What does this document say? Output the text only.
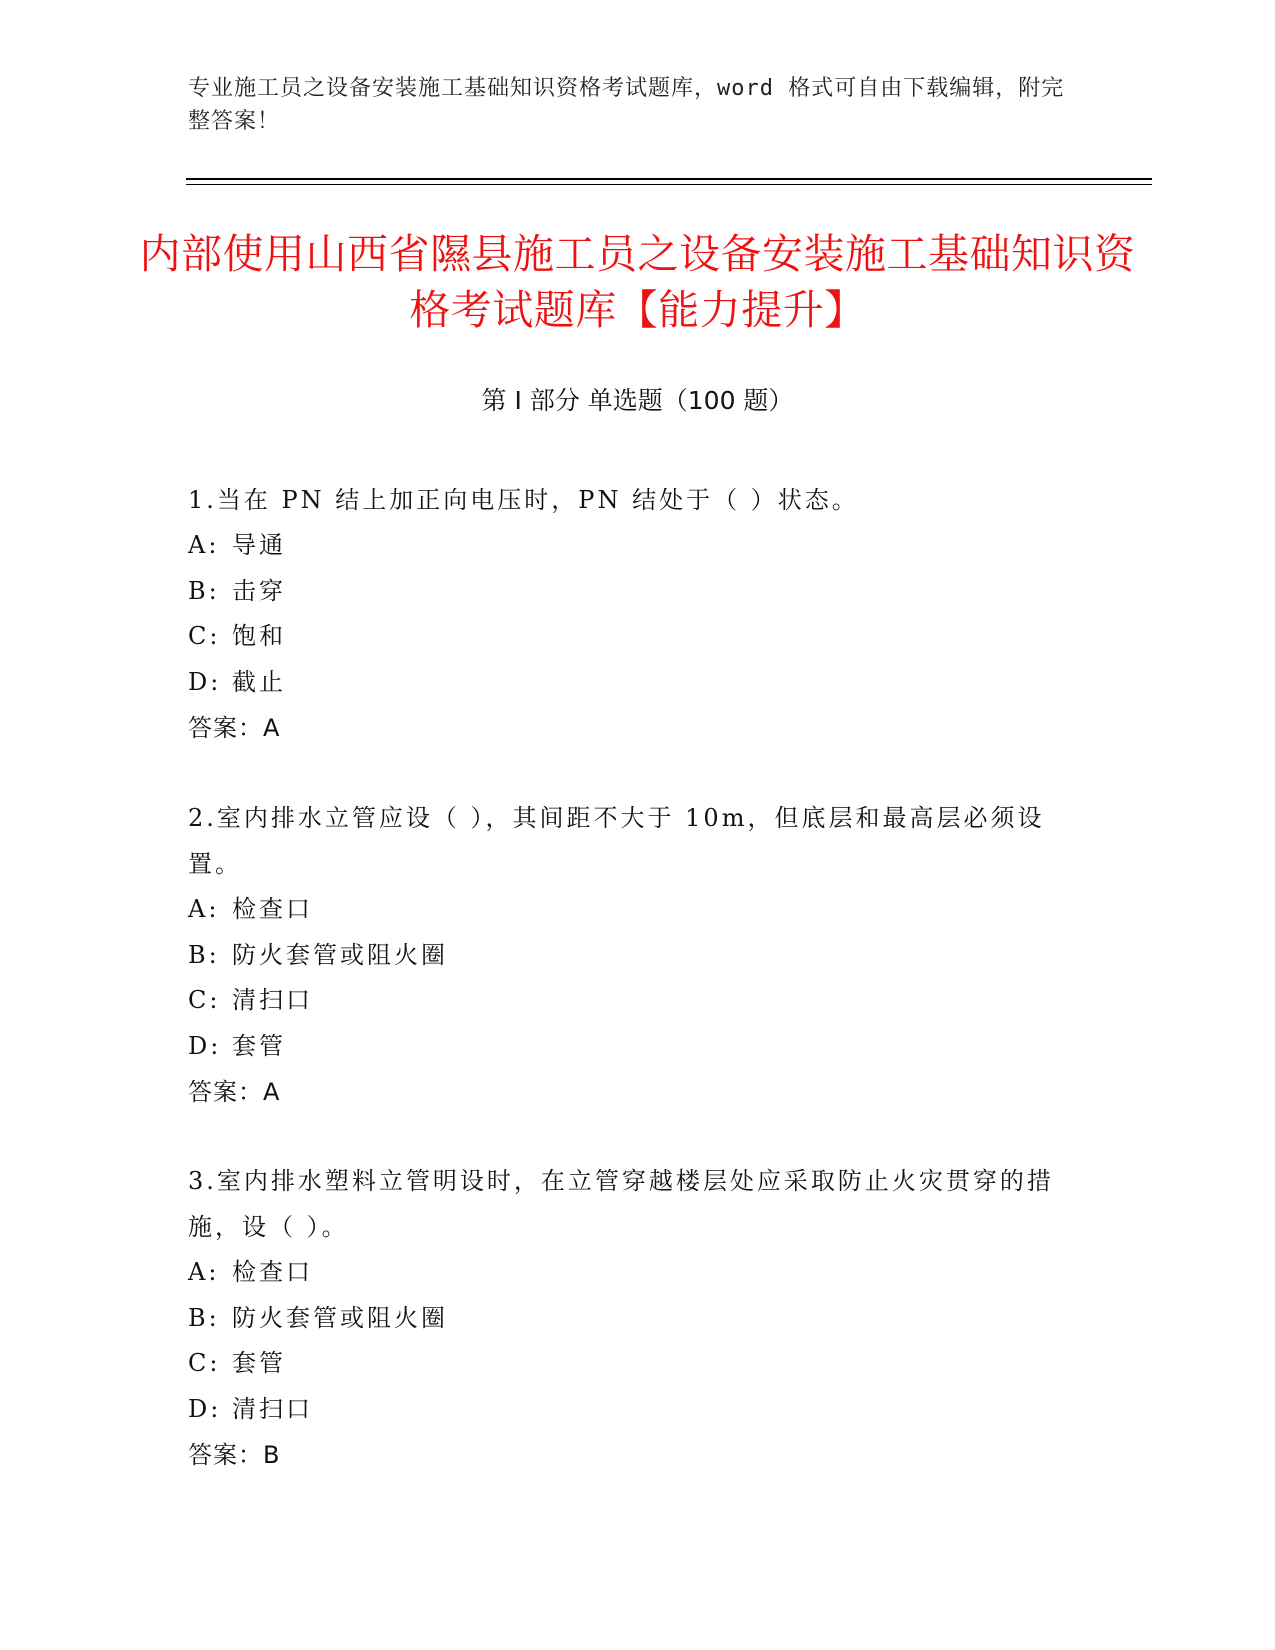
专业施工员之设备安装施工基础知识资格考试题库，word 格式可自由下载编辑，附完整答案！
内部使用山西省隰县施工员之设备安装施工基础知识资格考试题库【能力提升】
第 I 部分 单选题（100 题）

1.当在 PN 结上加正向电压时，PN 结处于（ ）状态。

A: 导通

B: 击穿

C: 饱和

D: 截止

答案：A

2.室内排水立管应设（ ），其间距不大于 10m，但底层和最高层必须设置。

A: 检查口

B: 防火套管或阻火圈

C: 清扫口

D: 套管

答案：A

3.室内排水塑料立管明设时，在立管穿越楼层处应采取防止火灾贯穿的措施，设（ ）。

A: 检查口

B: 防火套管或阻火圈

C: 套管

D: 清扫口

答案：B
